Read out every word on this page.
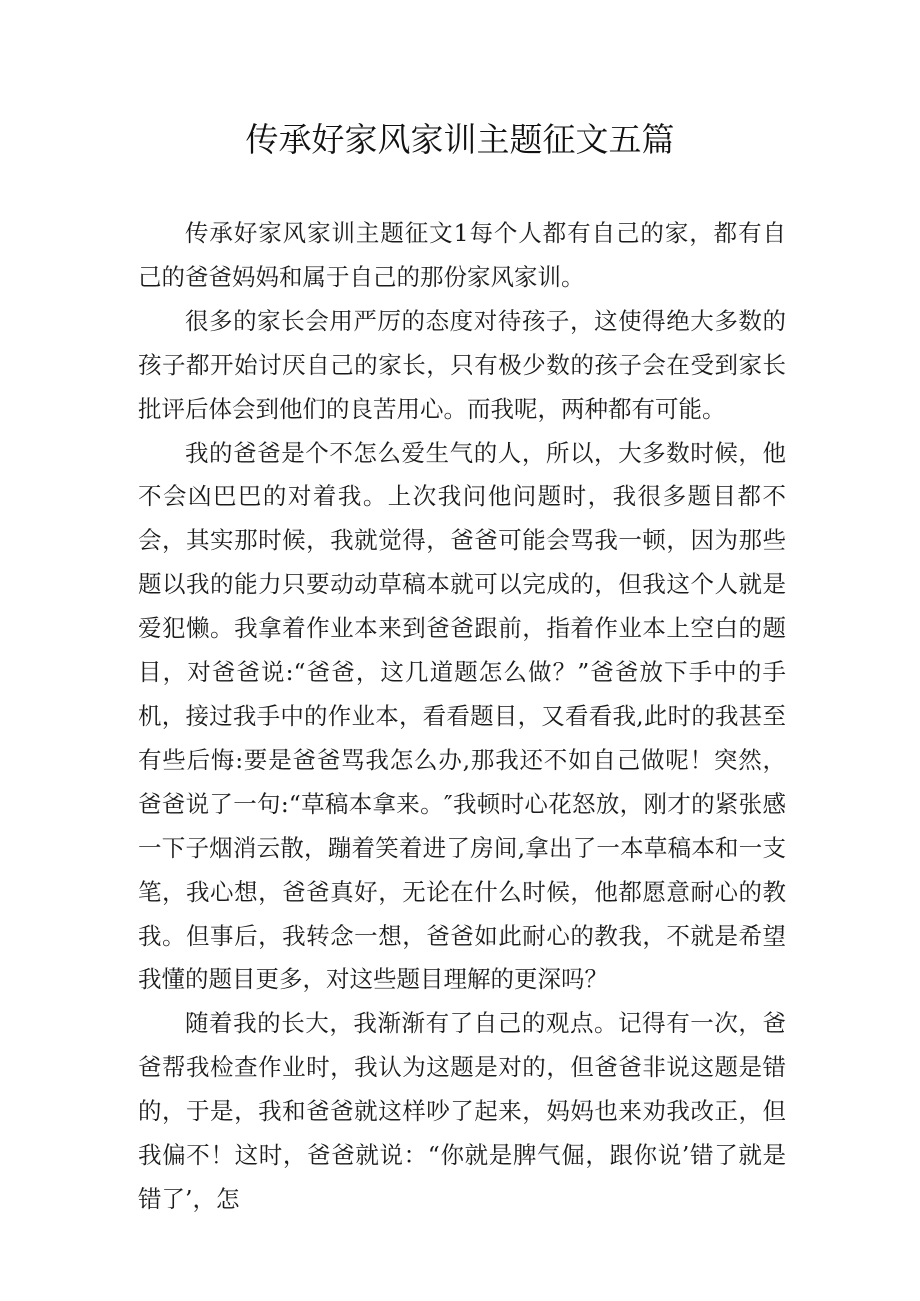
传承好家风家训主题征文五篇

传承好家风家训主题征文1每个人都有自己的家，都有自己的爸爸妈妈和属于自己的那份家风家训。

很多的家长会用严厉的态度对待孩子，这使得绝大多数的孩子都开始讨厌自己的家长，只有极少数的孩子会在受到家长批评后体会到他们的良苦用心。而我呢，两种都有可能。

我的爸爸是个不怎么爱生气的人，所以，大多数时候，他不会凶巴巴的对着我。上次我问他问题时，我很多题目都不会，其实那时候，我就觉得，爸爸可能会骂我一顿，因为那些题以我的能力只要动动草稿本就可以完成的，但我这个人就是爱犯懒。我拿着作业本来到爸爸跟前，指着作业本上空白的题目，对爸爸说:“爸爸，这几道题怎么做？”爸爸放下手中的手机，接过我手中的作业本，看看题目，又看看我,此时的我甚至有些后悔:要是爸爸骂我怎么办,那我还不如自己做呢！突然，爸爸说了一句:“草稿本拿来。″我顿时心花怒放，刚才的紧张感一下子烟消云散，蹦着笑着进了房间,拿出了一本草稿本和一支笔，我心想，爸爸真好，无论在什么时候，他都愿意耐心的教我。但事后，我转念一想，爸爸如此耐心的教我，不就是希望我懂的题目更多，对这些题目理解的更深吗？

随着我的长大，我渐渐有了自己的观点。记得有一次，爸爸帮我检查作业时，我认为这题是对的，但爸爸非说这题是错的，于是，我和爸爸就这样吵了起来，妈妈也来劝我改正，但我偏不！这时，爸爸就说：“你就是脾气倔，跟你说’错了就是错了’，怎
